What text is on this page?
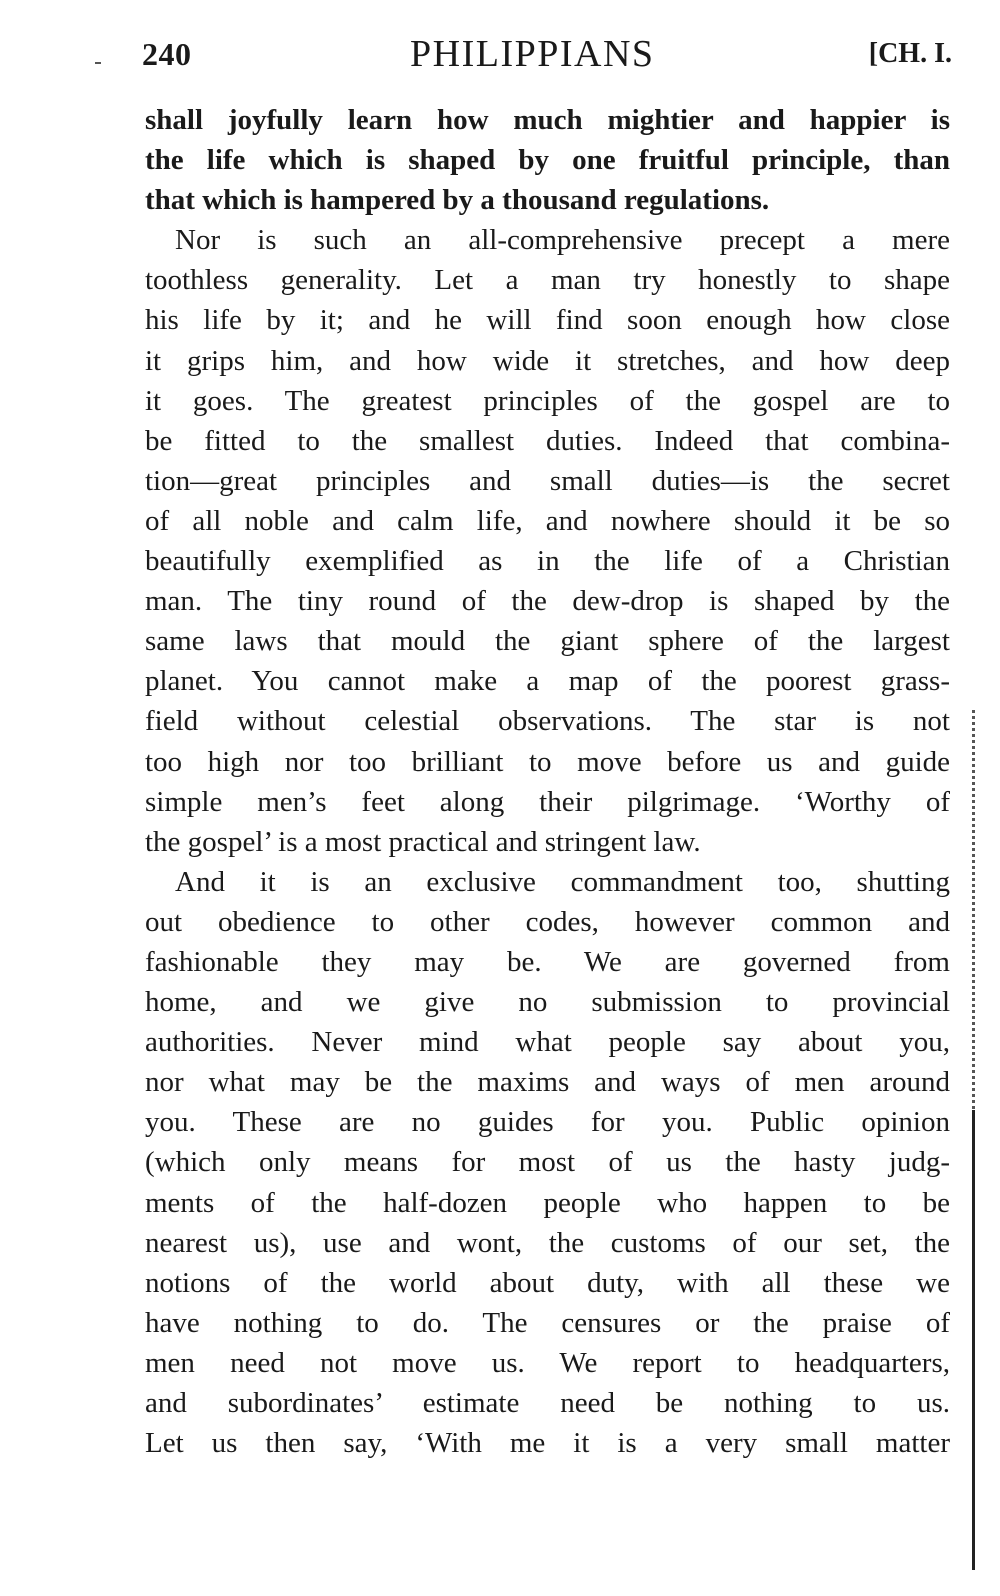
240	PHILIPPIANS	[CH. I.
shall joyfully learn how much mightier and happier is
the life which is shaped by one fruitful principle, than
that which is hampered by a thousand regulations.
Nor is such an all-comprehensive precept a mere
toothless generality. Let a man try honestly to shape
his life by it; and he will find soon enough how close
it grips him, and how wide it stretches, and how deep
it goes. The greatest principles of the gospel are to
be fitted to the smallest duties. Indeed that combina-
tion—great principles and small duties—is the secret
of all noble and calm life, and nowhere should it be so
beautifully exemplified as in the life of a Christian
man. The tiny round of the dew-drop is shaped by the
same laws that mould the giant sphere of the largest
planet. You cannot make a map of the poorest grass-
field without celestial observations. The star is not
too high nor too brilliant to move before us and guide
simple men’s feet along their pilgrimage. ‘Worthy of
the gospel’ is a most practical and stringent law.
And it is an exclusive commandment too, shutting
out obedience to other codes, however common and
fashionable they may be. We are governed from
home, and we give no submission to provincial
authorities. Never mind what people say about you,
nor what may be the maxims and ways of men around
you. These are no guides for you. Public opinion
(which only means for most of us the hasty judg-
ments of the half-dozen people who happen to be
nearest us), use and wont, the customs of our set, the
notions of the world about duty, with all these we
have nothing to do. The censures or the praise of
men need not move us. We report to headquarters,
and subordinates’ estimate need be nothing to us.
Let us then say, ‘With me it is a very small matter
